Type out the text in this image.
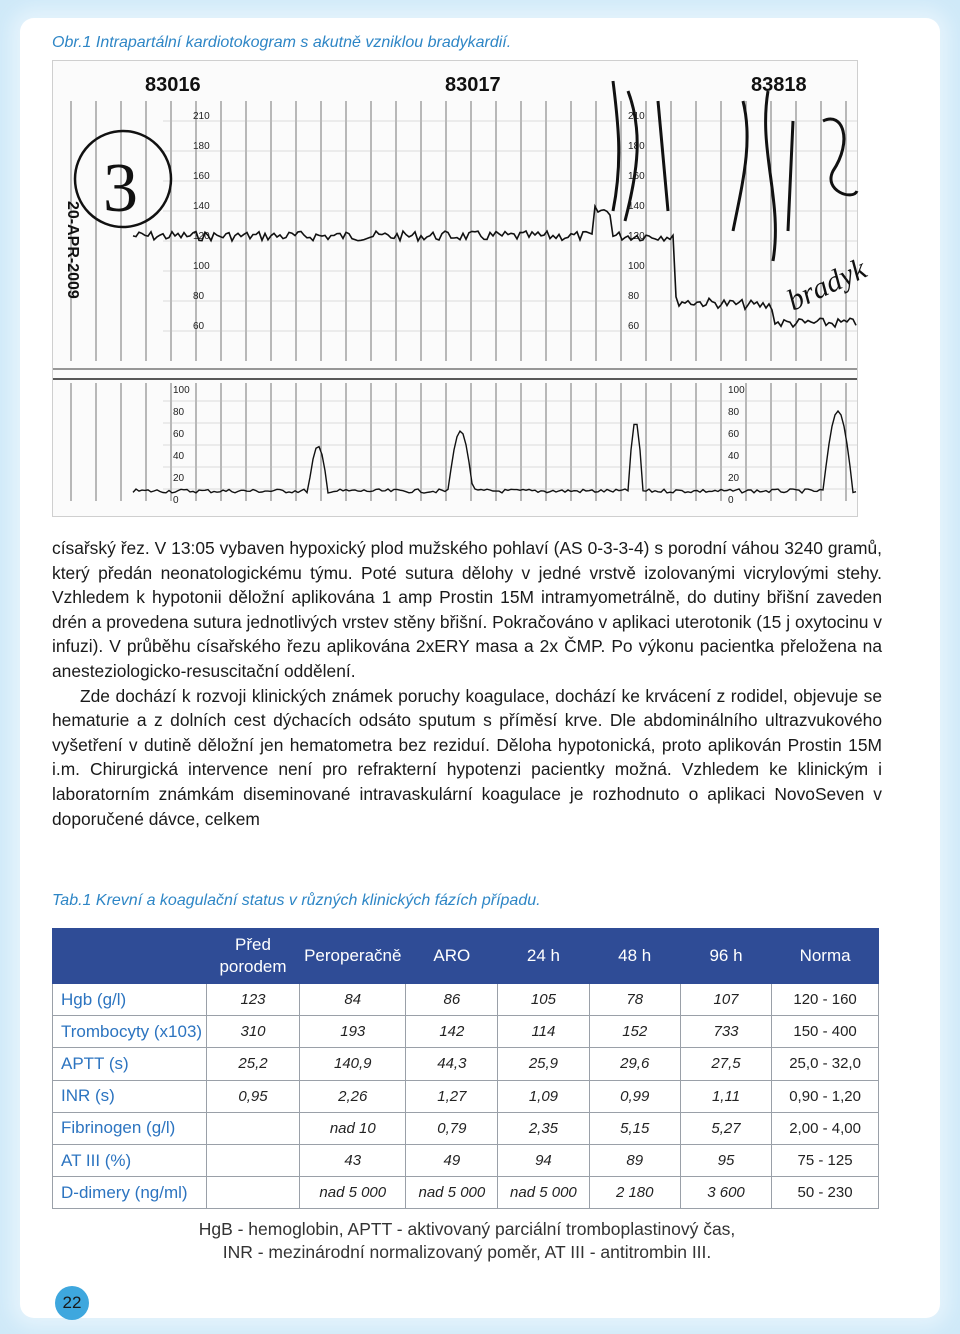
Obr.1 Intrapartální kardiotokogram s akutně vzniklou bradykardií.
83016	83017	83818
20-APR-2009
3
210
180
160
140
120
100
80
60
210
180
160
140
120
100
80
60
100
80
60
40
20
0
100
80
60
40
20
0
bradyk

císařský řez. V 13:05 vybaven hypoxický plod mužského pohlaví (AS 0-3-3-4) s porodní váhou 3240 gramů, který předán neonatologickému týmu. Poté sutura dělohy v jedné vrstvě izolovanými vicrylovými stehy. Vzhledem k hypotonii děložní aplikována 1 amp Prostin 15M intramyometrálně, do dutiny břišní zaveden drén a provedena sutura jednotlivých vrstev stěny břišní. Pokračováno v aplikaci uterotonik (15 j oxytocinu v infuzi). V průběhu císařského řezu aplikována 2xERY masa a 2x ČMP. Po výkonu pacientka přeložena na anesteziologicko-resuscitační oddělení.

Zde dochází k rozvoji klinických známek poruchy koagulace, dochází ke krvácení z rodidel, objevuje se hematurie a z dolních cest dýchacích odsáto sputum s příměsí krve. Dle abdominálního ultrazvukového vyšetření v dutině děložní jen hematometra bez reziduí. Děloha hypotonická, proto aplikován Prostin 15M i.m. Chirurgická intervence není pro refrakterní hypotenzi pacientky možná. Vzhledem ke klinickým i laboratorním známkám diseminované intravaskulární koagulace je rozhodnuto o aplikaci NovoSeven v doporučené dávce, celkem

Tab.1 Krevní a koagulační status v různých klinických fázích případu.
	Před porodem	Peroperačně	ARO	24 h	48 h	96 h	Norma
Hgb (g/l)	123	84	86	105	78	107	120 - 160
Trombocyty (x103)	310	193	142	114	152	733	150 - 400
APTT (s)	25,2	140,9	44,3	25,9	29,6	27,5	25,0 - 32,0
INR (s)	0,95	2,26	1,27	1,09	0,99	1,11	0,90 - 1,20
Fibrinogen (g/l)		nad 10	0,79	2,35	5,15	5,27	2,00 - 4,00
AT III (%)		43	49	94	89	95	75 - 125
D-dimery (ng/ml)		nad 5 000	nad 5 000	nad 5 000	2 180	3 600	50 - 230
HgB - hemoglobin, APTT - aktivovaný parciální tromboplastinový čas,
INR - mezinárodní normalizovaný poměr, AT III - antitrombin III.
22
